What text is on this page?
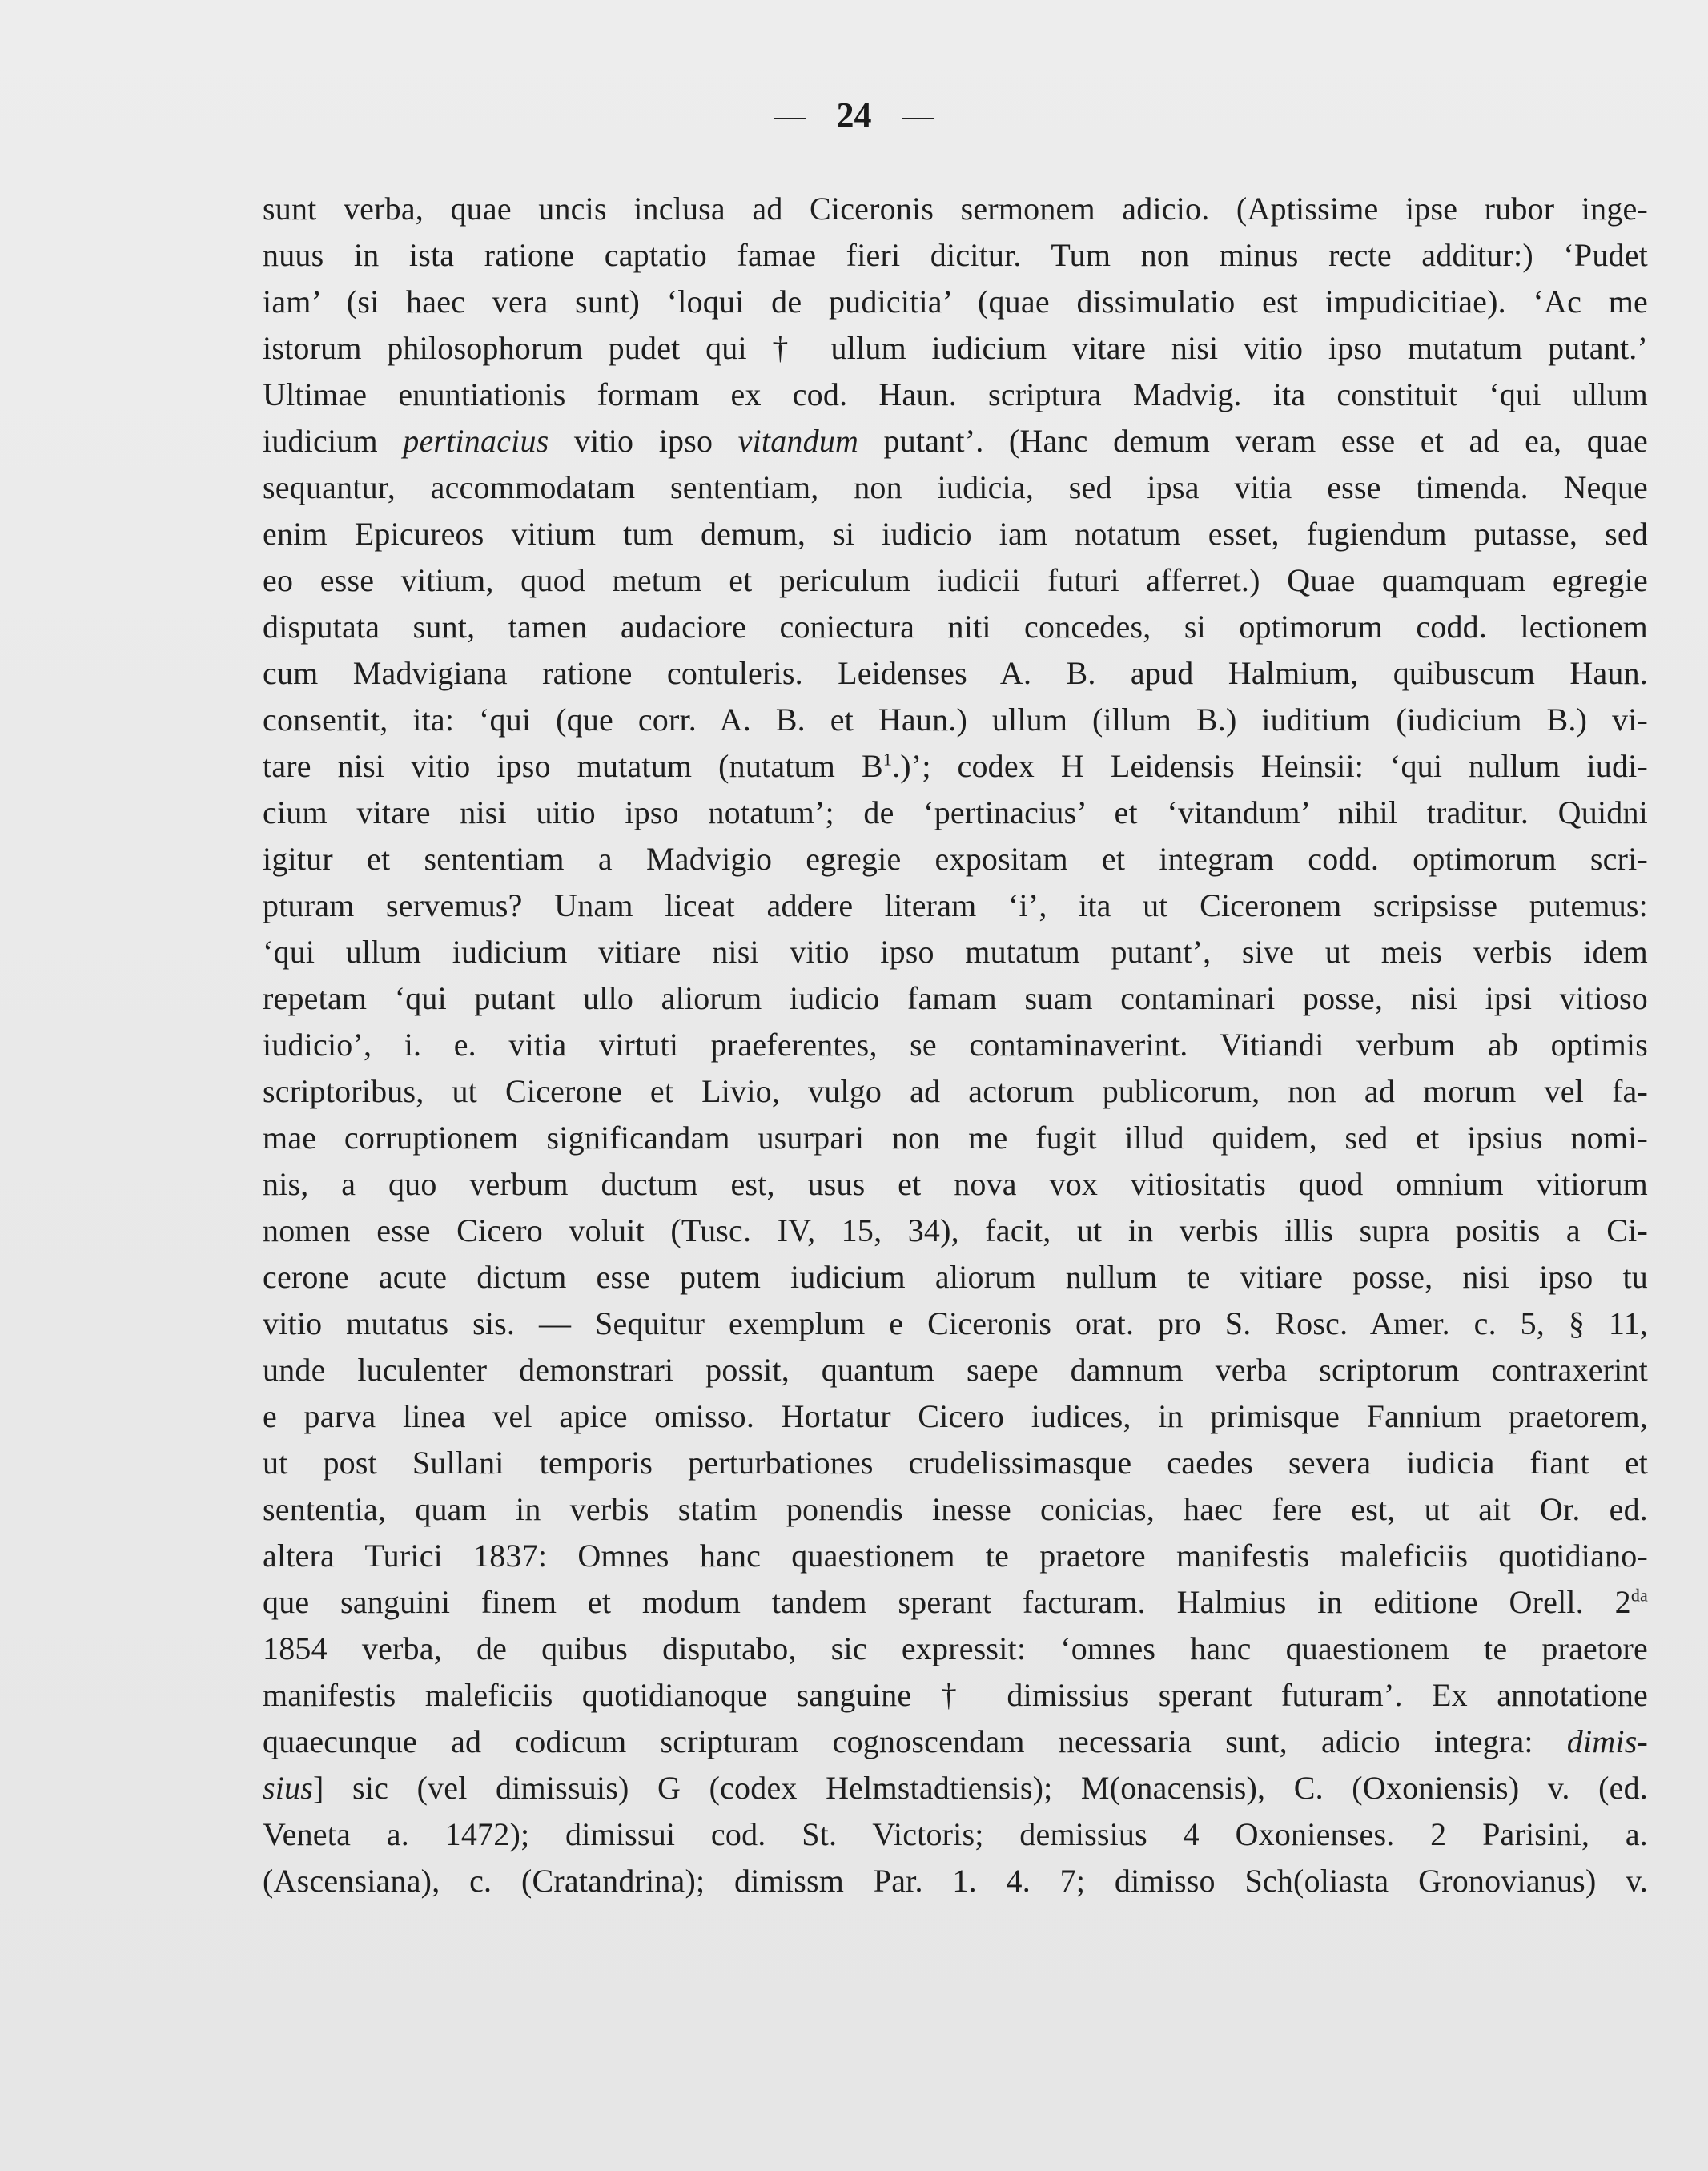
24
sunt verba, quae uncis inclusa ad Ciceronis sermonem adicio. (Aptissime ipse rubor inge-
nuus in ista ratione captatio famae fieri dicitur. Tum non minus recte additur:) ‘Pudet
iam’ (si haec vera sunt) ‘loqui de pudicitia’ (quae dissimulatio est impudicitiae). ‘Ac me
istorum philosophorum pudet qui † ullum iudicium vitare nisi vitio ipso mutatum putant.’
Ultimae enuntiationis formam ex cod. Haun. scriptura Madvig. ita constituit ‘qui ullum
iudicium pertinacius vitio ipso vitandum putant’. (Hanc demum veram esse et ad ea, quae
sequantur, accommodatam sententiam, non iudicia, sed ipsa vitia esse timenda. Neque
enim Epicureos vitium tum demum, si iudicio iam notatum esset, fugiendum putasse, sed
eo esse vitium, quod metum et periculum iudicii futuri afferret.) Quae quamquam egregie
disputata sunt, tamen audaciore coniectura niti concedes, si optimorum codd. lectionem
cum Madvigiana ratione contuleris. Leidenses A. B. apud Halmium, quibuscum Haun.
consentit, ita: ‘qui (que corr. A. B. et Haun.) ullum (illum B.) iuditium (iudicium B.) vi-
tare nisi vitio ipso mutatum (nutatum $B^1$.)’; codex H Leidensis Heinsii: ‘qui nullum iudi-
cium vitare nisi uitio ipso notatum’; de ‘pertinacius’ et ‘vitandum’ nihil traditur. Quidni
igitur et sententiam a Madvigio egregie expositam et integram codd. optimorum scri-
pturam servemus? Unam liceat addere literam ‘i’, ita ut Ciceronem scripsisse putemus:
‘qui ullum iudicium vitiare nisi vitio ipso mutatum putant’, sive ut meis verbis idem
repetam ‘qui putant ullo aliorum iudicio famam suam contaminari posse, nisi ipsi vitioso
iudicio’, i. e. vitia virtuti praeferentes, se contaminaverint. Vitiandi verbum ab optimis
scriptoribus, ut Cicerone et Livio, vulgo ad actorum publicorum, non ad morum vel fa-
mae corruptionem significandam usurpari non me fugit illud quidem, sed et ipsius nomi-
nis, a quo verbum ductum est, usus et nova vox vitiositatis quod omnium vitiorum
nomen esse Cicero voluit (Tusc. IV, 15, 34), facit, ut in verbis illis supra positis a Ci-
cerone acute dictum esse putem iudicium aliorum nullum te vitiare posse, nisi ipso tu
vitio mutatus sis. — Sequitur exemplum e Ciceronis orat. pro S. Rosc. Amer. c. 5, § 11,
unde luculenter demonstrari possit, quantum saepe damnum verba scriptorum contraxerint
e parva linea vel apice omisso. Hortatur Cicero iudices, in primisque Fannium praetorem,
ut post Sullani temporis perturbationes crudelissimasque caedes severa iudicia fiant et
sententia, quam in verbis statim ponendis inesse conicias, haec fere est, ut ait Or. ed.
altera Turici 1837: Omnes hanc quaestionem te praetore manifestis maleficiis quotidiano-
que sanguini finem et modum tandem sperant facturam. Halmius in editione Orell. $2^{da}$
1854 verba, de quibus disputabo, sic expressit: ‘omnes hanc quaestionem te praetore
manifestis maleficiis quotidianoque sanguine † dimissius sperant futuram’. Ex annotatione
quaecunque ad codicum scripturam cognoscendam necessaria sunt, adicio integra: dimis-
sius] sic (vel dimissuis) G (codex Helmstadtiensis); M(onacensis), C. (Oxoniensis) v. (ed.
Veneta a. 1472); dimissui cod. St. Victoris; demissius 4 Oxonienses. 2 Parisini, a.
(Ascensiana), c. (Cratandrina); dimissm Par. 1. 4. 7; dimisso Sch(oliasta Gronovianus) v.
